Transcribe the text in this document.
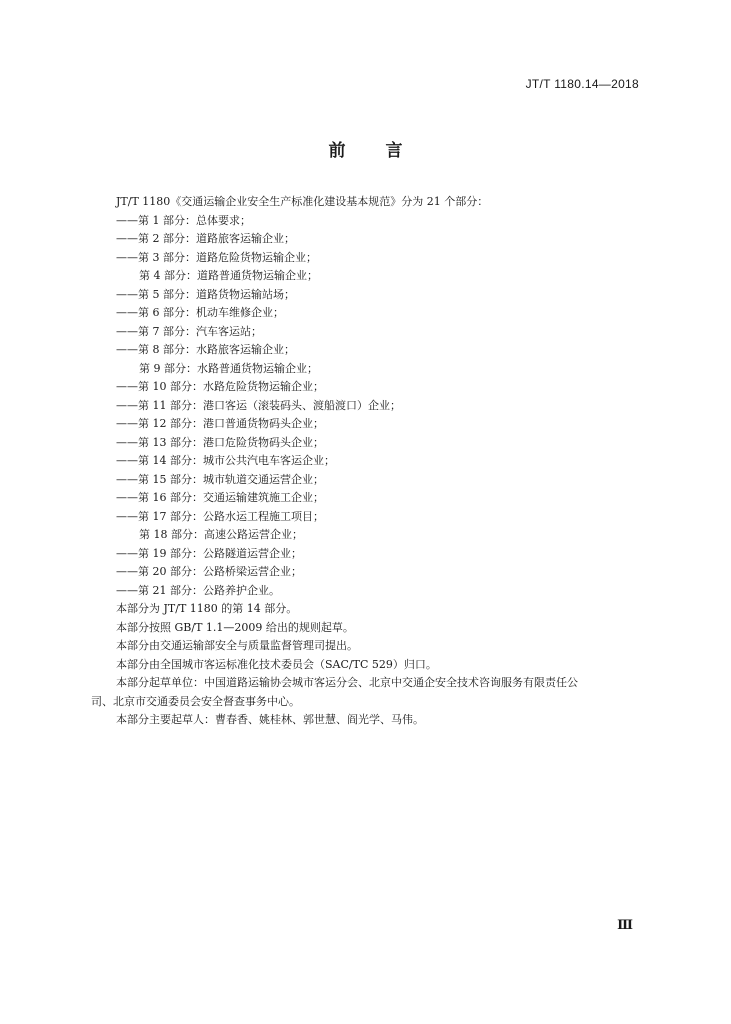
JT/T 1180.14—2018
前言
JT/T 1180《交通运输企业安全生产标准化建设基本规范》分为 21 个部分：
——第 1 部分：总体要求；
——第 2 部分：道路旅客运输企业；
——第 3 部分：道路危险货物运输企业；
第 4 部分：道路普通货物运输企业；
——第 5 部分：道路货物运输站场；
——第 6 部分：机动车维修企业；
——第 7 部分：汽车客运站；
——第 8 部分：水路旅客运输企业；
第 9 部分：水路普通货物运输企业；
——第 10 部分：水路危险货物运输企业；
——第 11 部分：港口客运（滚装码头、渡船渡口）企业；
——第 12 部分：港口普通货物码头企业；
——第 13 部分：港口危险货物码头企业；
——第 14 部分：城市公共汽电车客运企业；
——第 15 部分：城市轨道交通运营企业；
——第 16 部分：交通运输建筑施工企业；
——第 17 部分：公路水运工程施工项目；
第 18 部分：高速公路运营企业；
——第 19 部分：公路隧道运营企业；
——第 20 部分：公路桥梁运营企业；
——第 21 部分：公路养护企业。
本部分为 JT/T 1180 的第 14 部分。
本部分按照 GB/T 1.1—2009 给出的规则起草。
本部分由交通运输部安全与质量监督管理司提出。
本部分由全国城市客运标准化技术委员会（SAC/TC 529）归口。
本部分起草单位：中国道路运输协会城市客运分会、北京中交通企安全技术咨询服务有限责任公
司、北京市交通委员会安全督查事务中心。
本部分主要起草人：曹春香、姚桂林、郭世慧、阎光学、马伟。
Ⅲ
